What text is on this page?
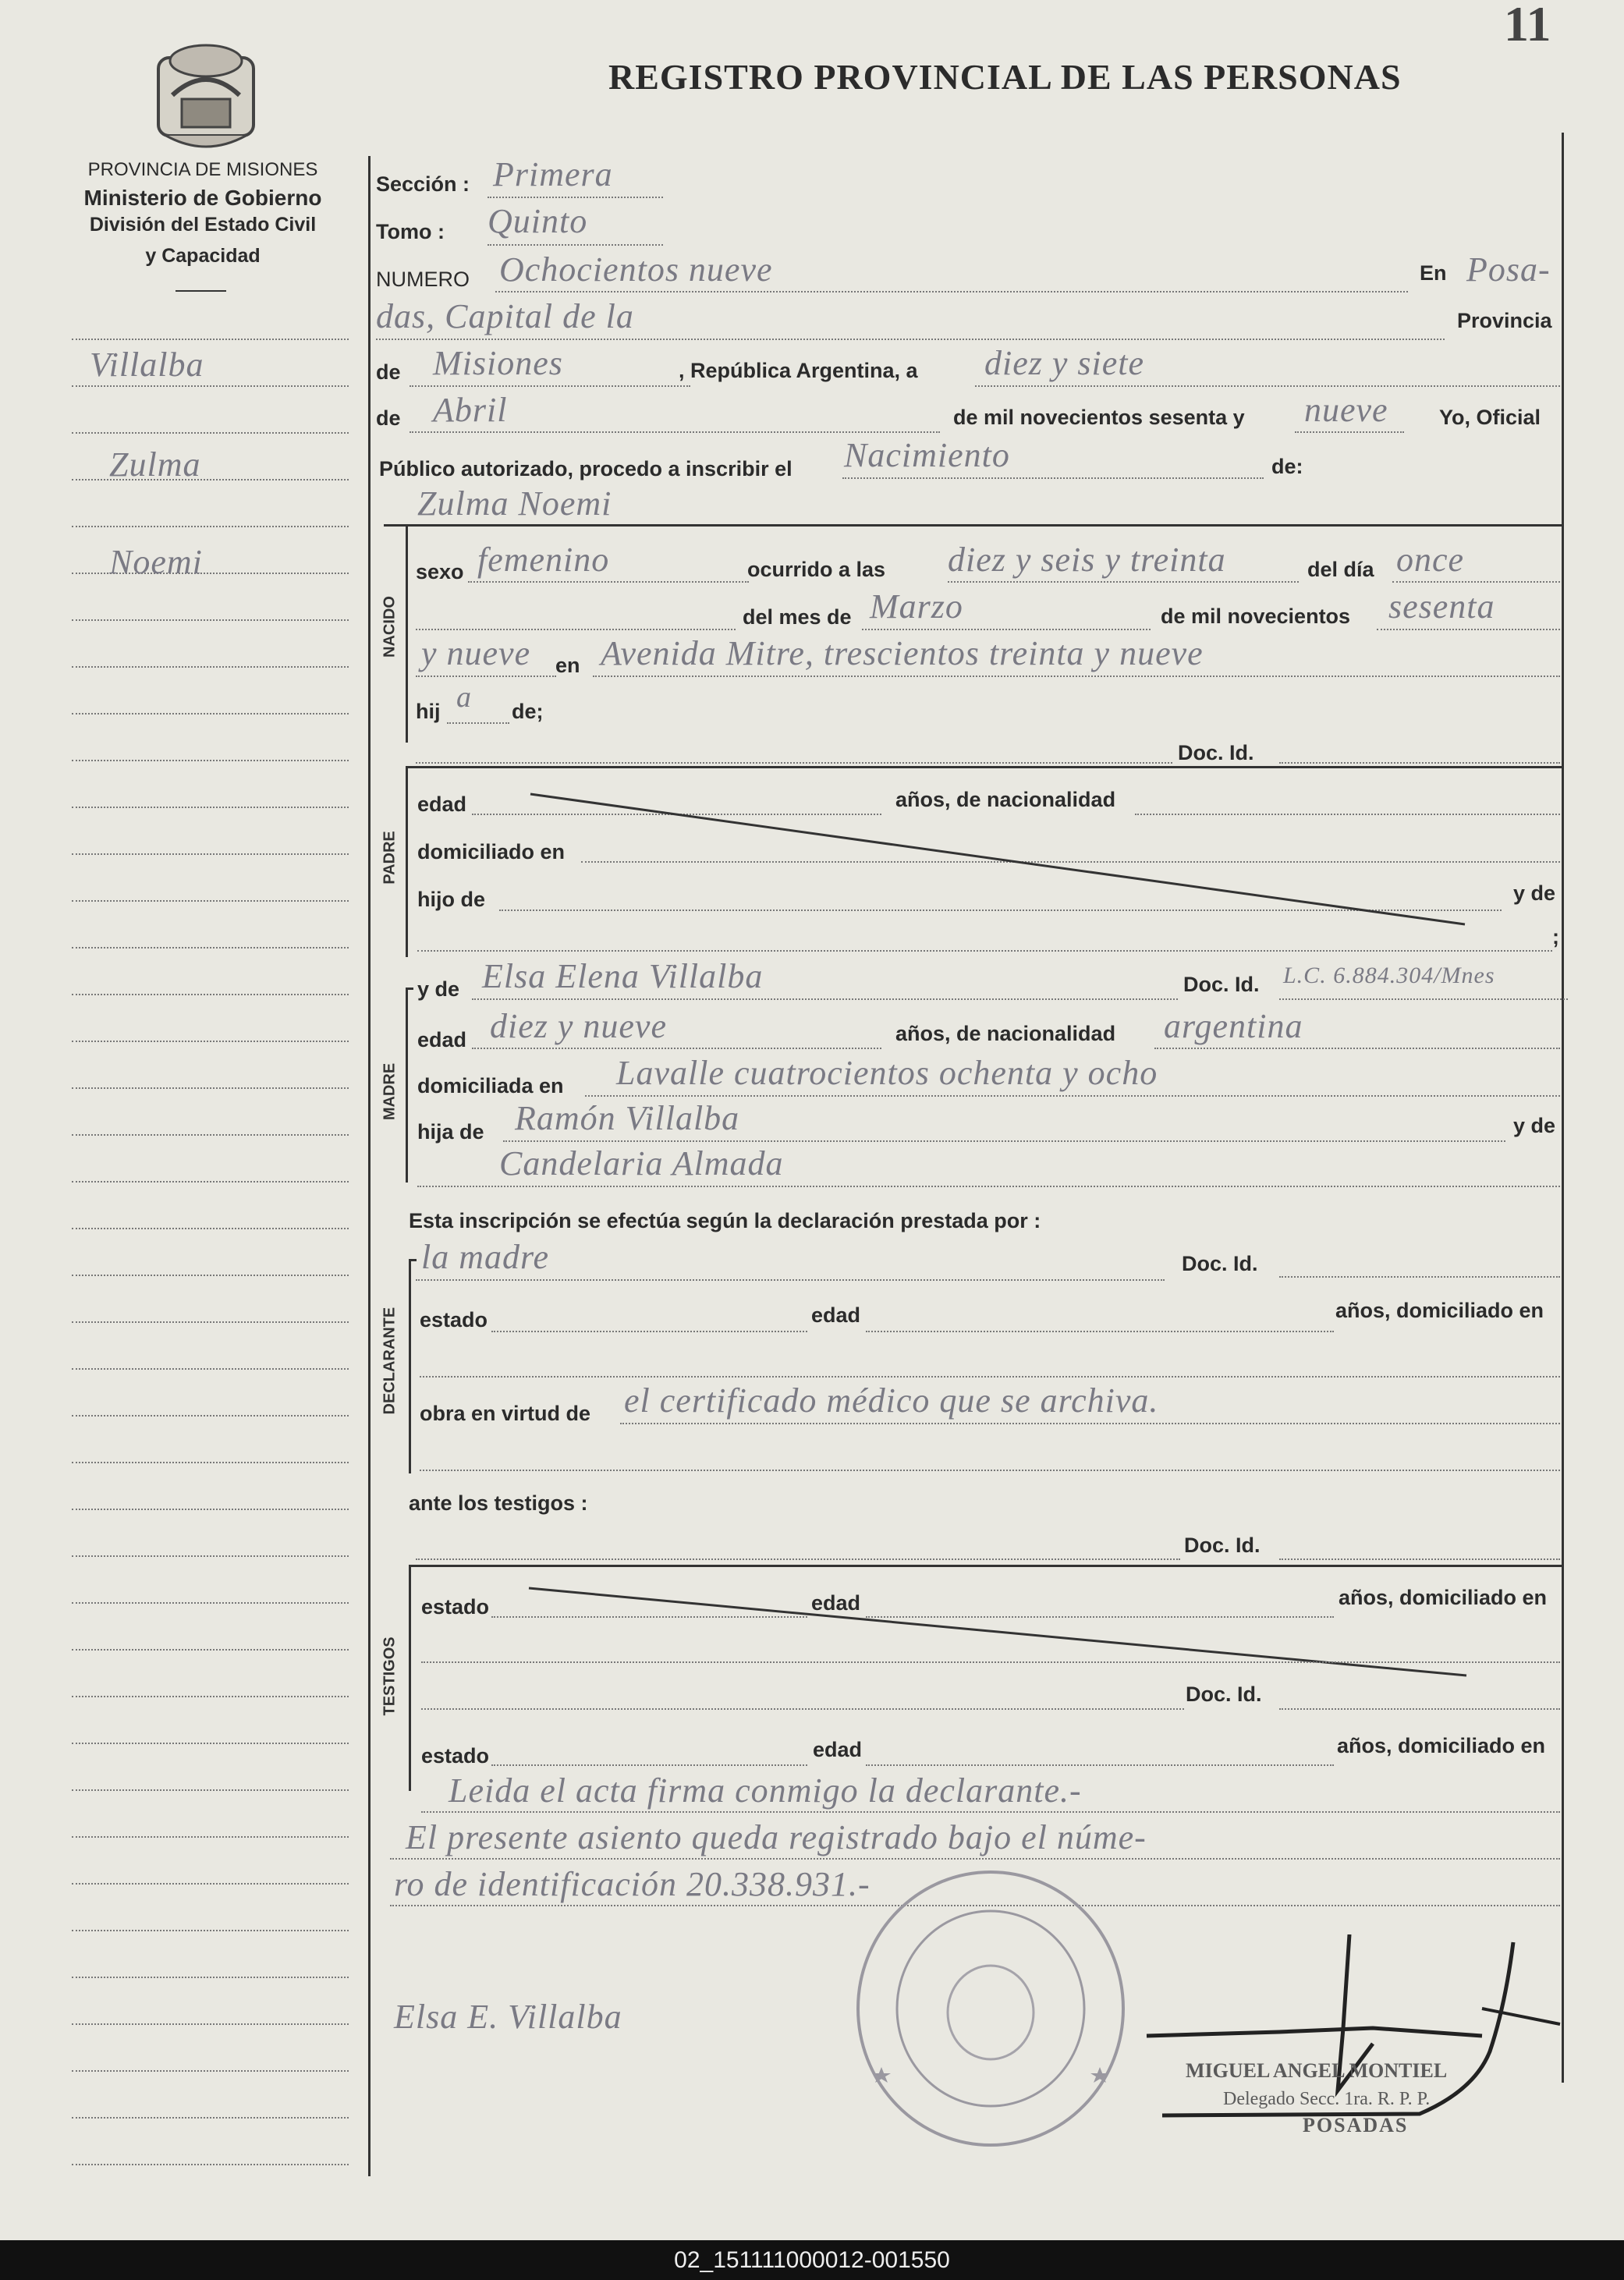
11
PROVINCIA DE MISIONES
Ministerio de Gobierno
División del Estado Civil
y Capacidad
REGISTRO PROVINCIAL DE LAS PERSONAS
Villalba
Zulma
Noemi
Sección : Primera
Tomo : Quinto
NUMERO Ochocientos nueve	En Posa-
das, Capital de la	Provincia
de Misiones	, República Argentina, a diez y siete
de Abril	de mil novecientos sesenta y nueve Yo, Oficial
Público autorizado, procedo a inscribir el Nacimiento	de:
Zulma Noemi
NACIDO
sexo femenino	ocurrido a las diez y seis y treinta	del día once
del mes de Marzo	de mil novecientos sesenta
y nueve en Avenida Mitre, trescientos treinta y nueve
hij a de;
Doc. Id.
PADRE
edad	años, de nacionalidad
domiciliado en
hijo de	y de
;
y de Elsa Elena Villalba	Doc. Id. L.C. 6.884.304/Mnes
MADRE
edad diez y nueve	años, de nacionalidad argentina
domiciliada en Lavalle cuatrocientos ochenta y ocho
hija de Ramón Villalba	y de
Candelaria Almada
Esta inscripción se efectúa según la declaración prestada por :
la madre	Doc. Id.
DECLARANTE estado	edad	años, domiciliado en
obra en virtud de el certificado médico que se archiva.
ante los testigos :
Doc. Id.
TESTIGOS
estado	edad	años, domiciliado en
Doc. Id.
estado	edad	años, domiciliado en
Leida el acta firma conmigo la declarante.-
El presente asiento queda registrado bajo el núme-
ro de identificación 20.338.931.-
Elsa E. Villalba
MIGUEL ANGEL MONTIEL
Delegado Secc. 1ra. R. P. P.
POSADAS
02_151111000012-001550
